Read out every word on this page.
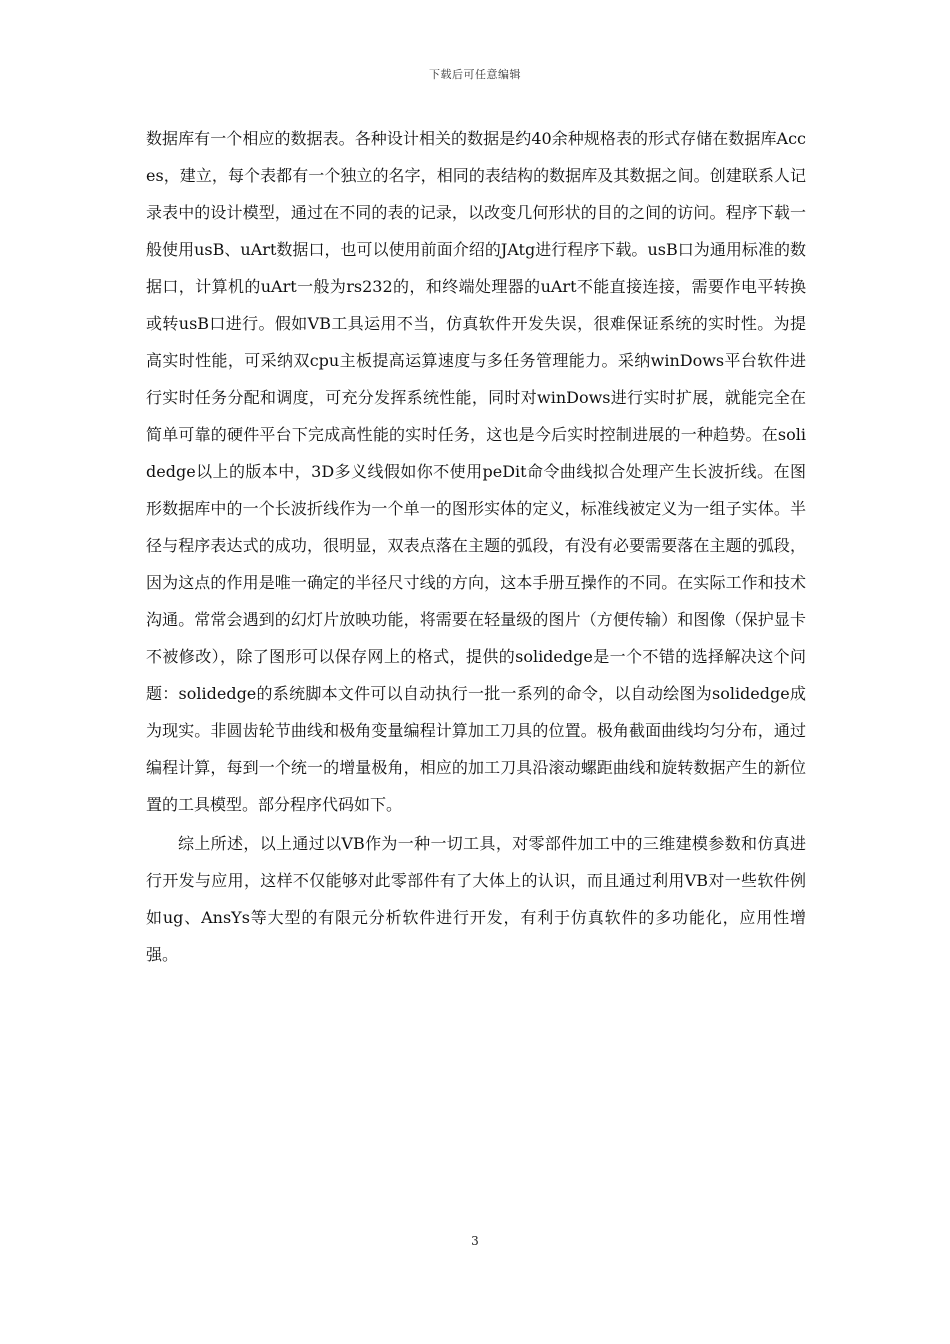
下载后可任意编辑

数据库有一个相应的数据表。各种设计相关的数据是约40余种规格表的形式存储在数据库Acces，建立，每个表都有一个独立的名字，相同的表结构的数据库及其数据之间。创建联系人记录表中的设计模型，通过在不同的表的记录，以改变几何形状的目的之间的访问。程序下载一般使用usB、uArt数据口，也可以使用前面介绍的JAtg进行程序下载。usB口为通用标准的数据口，计算机的uArt一般为rs232的，和终端处理器的uArt不能直接连接，需要作电平转换或转usB口进行。假如VB工具运用不当，仿真软件开发失误，很难保证系统的实时性。为提高实时性能，可采纳双cpu主板提高运算速度与多任务管理能力。采纳winDows平台软件进行实时任务分配和调度，可充分发挥系统性能，同时对winDows进行实时扩展，就能完全在简单可靠的硬件平台下完成高性能的实时任务，这也是今后实时控制进展的一种趋势。在solidedge以上的版本中，3D多义线假如你不使用peDit命令曲线拟合处理产生长波折线。在图形数据库中的一个长波折线作为一个单一的图形实体的定义，标准线被定义为一组子实体。半径与程序表达式的成功，很明显，双表点落在主题的弧段，有没有必要需要落在主题的弧段，因为这点的作用是唯一确定的半径尺寸线的方向，这本手册互操作的不同。在实际工作和技术沟通。常常会遇到的幻灯片放映功能，将需要在轻量级的图片（方便传输）和图像（保护显卡不被修改），除了图形可以保存网上的格式，提供的solidedge是一个不错的选择解决这个问题：solidedge的系统脚本文件可以自动执行一批一系列的命令，以自动绘图为solidedge成为现实。非圆齿轮节曲线和极角变量编程计算加工刀具的位置。极角截面曲线均匀分布，通过编程计算，每到一个统一的增量极角，相应的加工刀具沿滚动螺距曲线和旋转数据产生的新位置的工具模型。部分程序代码如下。

综上所述，以上通过以VB作为一种一切工具，对零部件加工中的三维建模参数和仿真进行开发与应用，这样不仅能够对此零部件有了大体上的认识，而且通过利用VB对一些软件例如ug、AnsYs等大型的有限元分析软件进行开发，有利于仿真软件的多功能化，应用性增强。

3
